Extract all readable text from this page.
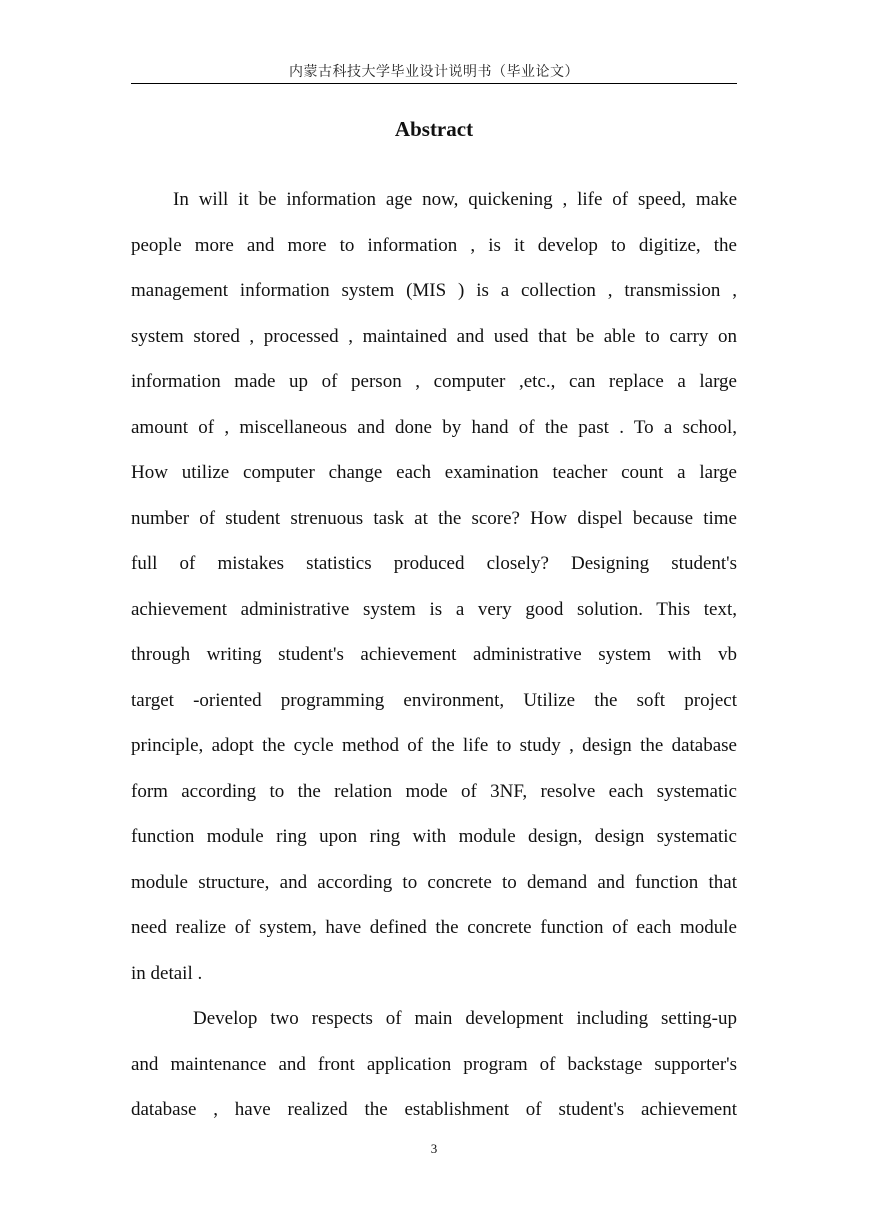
内蒙古科技大学毕业设计说明书（毕业论文）
Abstract
In will it be information age now, quickening , life of speed, make
people more and more to information , is it develop to digitize, the
management information system (MIS ) is a collection , transmission ,
system stored , processed , maintained and used that be able to carry on
information made up of person , computer ,etc., can replace a large
amount of , miscellaneous and done by hand of the past . To a school,
How utilize computer change each examination teacher count a large
number of student strenuous task at the score? How dispel because time
full of mistakes statistics produced closely? Designing student's
achievement administrative system is a very good solution. This text,
through writing student's achievement administrative system with vb
target -oriented programming environment, Utilize the soft project
principle, adopt the cycle method of the life to study , design the database
form according to the relation mode of 3NF, resolve each systematic
function module ring upon ring with module design, design systematic
module structure, and according to concrete to demand and function that
need realize of system, have defined the concrete function of each module
in detail .
Develop two respects of main development including setting-up
and maintenance and front application program of backstage supporter's
database , have realized the establishment of student's achievement
3
